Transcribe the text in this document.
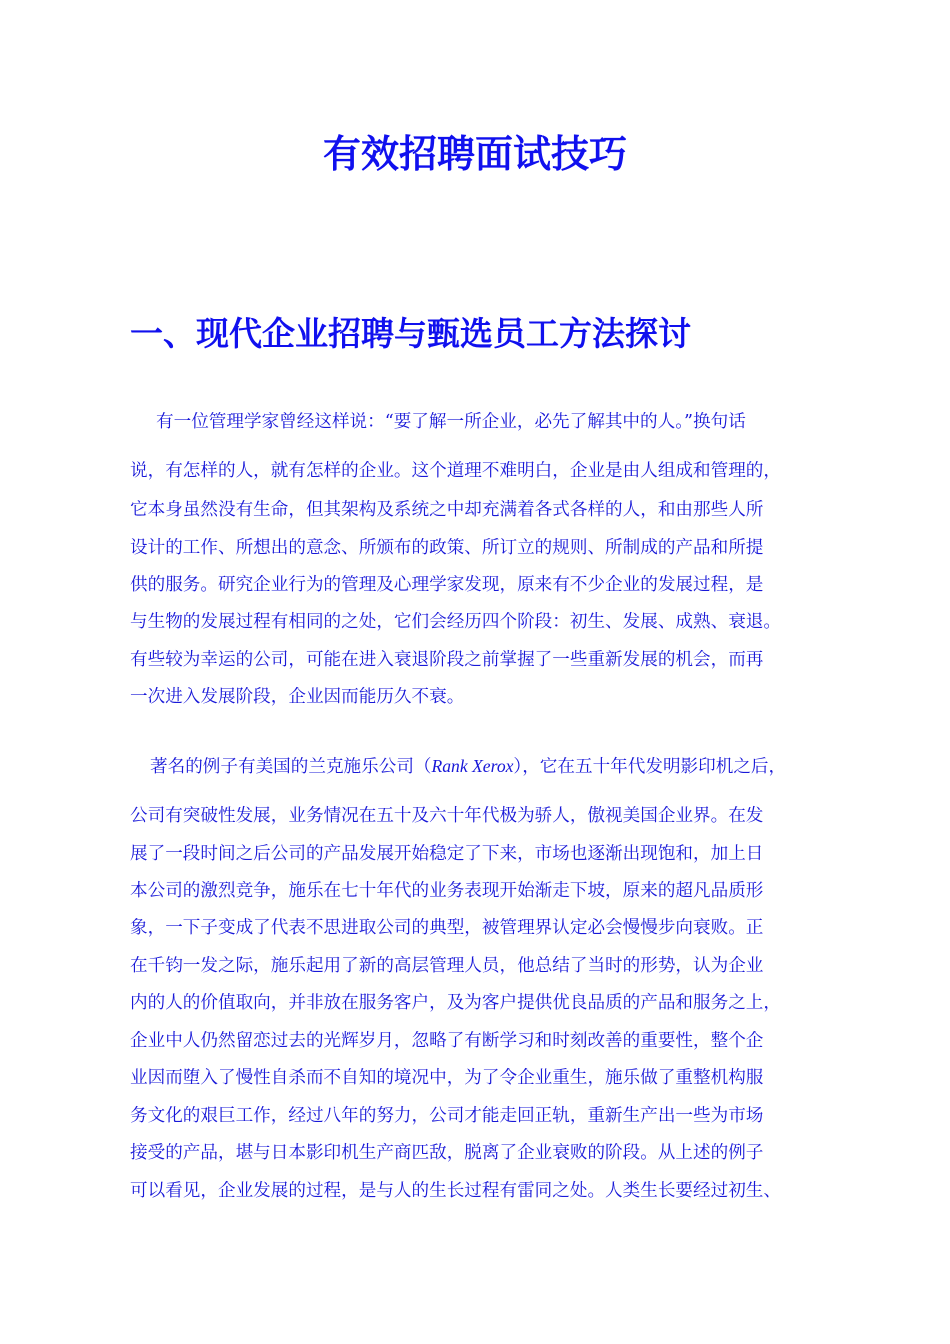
有效招聘面试技巧
一、现代企业招聘与甄选员工方法探讨

有一位管理学家曾经这样说：“要了解一所企业，必先了解其中的人。”换句话

说，有怎样的人，就有怎样的企业。这个道理不难明白，企业是由人组成和管理的，

它本身虽然没有生命，但其架构及系统之中却充满着各式各样的人，和由那些人所

设计的工作、所想出的意念、所颁布的政策、所订立的规则、所制成的产品和所提

供的服务。研究企业行为的管理及心理学家发现，原来有不少企业的发展过程，是

与生物的发展过程有相同的之处，它们会经历四个阶段：初生、发展、成熟、衰退。

有些较为幸运的公司，可能在进入衰退阶段之前掌握了一些重新发展的机会，而再

一次进入发展阶段，企业因而能历久不衰。

著名的例子有美国的兰克施乐公司（Rank Xerox），它在五十年代发明影印机之后，

公司有突破性发展，业务情况在五十及六十年代极为骄人，傲视美国企业界。在发

展了一段时间之后公司的产品发展开始稳定了下来，市场也逐渐出现饱和，加上日

本公司的激烈竞争，施乐在七十年代的业务表现开始渐走下坡，原来的超凡品质形

象，一下子变成了代表不思进取公司的典型，被管理界认定必会慢慢步向衰败。正

在千钧一发之际，施乐起用了新的高层管理人员，他总结了当时的形势，认为企业

内的人的价值取向，并非放在服务客户，及为客户提供优良品质的产品和服务之上，

企业中人仍然留恋过去的光辉岁月，忽略了有断学习和时刻改善的重要性，整个企

业因而堕入了慢性自杀而不自知的境况中，为了令企业重生，施乐做了重整机构服

务文化的艰巨工作，经过八年的努力，公司才能走回正轨，重新生产出一些为市场

接受的产品，堪与日本影印机生产商匹敌，脱离了企业衰败的阶段。从上述的例子

可以看见，企业发展的过程，是与人的生长过程有雷同之处。人类生长要经过初生、
